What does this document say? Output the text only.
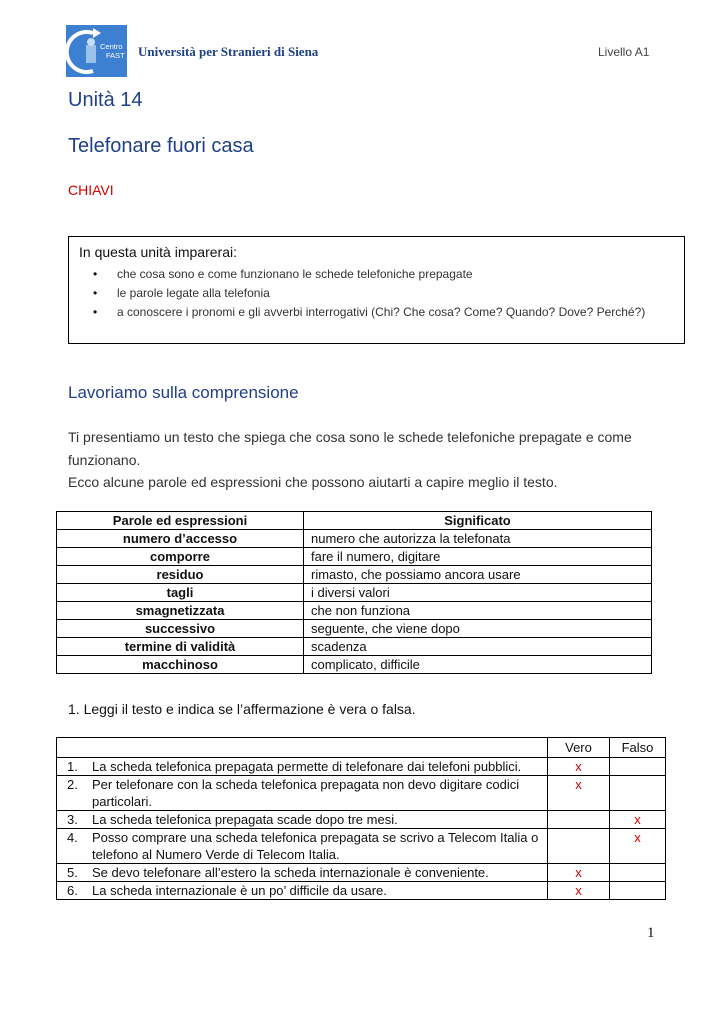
Centro
FAST Università per Stranieri di Siena	Livello A1
Unità 14
Telefonare fuori casa
CHIAVI
In questa unità imparerai:
• che cosa sono e come funzionano le schede telefoniche prepagate
• le parole legate alla telefonia
• a conoscere i pronomi e gli avverbi interrogativi (Chi? Che cosa? Come? Quando? Dove? Perché?)
Lavoriamo sulla comprensione

Ti presentiamo un testo che spiega che cosa sono le schede telefoniche prepagate e come funzionano.

Ecco alcune parole ed espressioni che possono aiutarti a capire meglio il testo.

Parole ed espressioni	Significato
numero d’accesso	numero che autorizza la telefonata
comporre	fare il numero, digitare
residuo	rimasto, che possiamo ancora usare
tagli	i diversi valori
smagnetizzata	che non funziona
successivo	seguente, che viene dopo
termine di validità	scadenza
macchinoso	complicato, difficile
1. Leggi il testo e indica se l’affermazione è vera o falsa.
	Vero	Falso

1. La scheda telefonica prepagata permette di telefonare dai telefoni pubblici.	x	

2. Per telefonare con la scheda telefonica prepagata non devo digitare codici particolari.	x	

3. La scheda telefonica prepagata scade dopo tre mesi.		x

4. Posso comprare una scheda telefonica prepagata se scrivo a Telecom Italia o telefono al Numero Verde di Telecom Italia.		x

5. Se devo telefonare all’estero la scheda internazionale è conveniente.	x	

6. La scheda internazionale è un po’ difficile da usare.	x	
1
